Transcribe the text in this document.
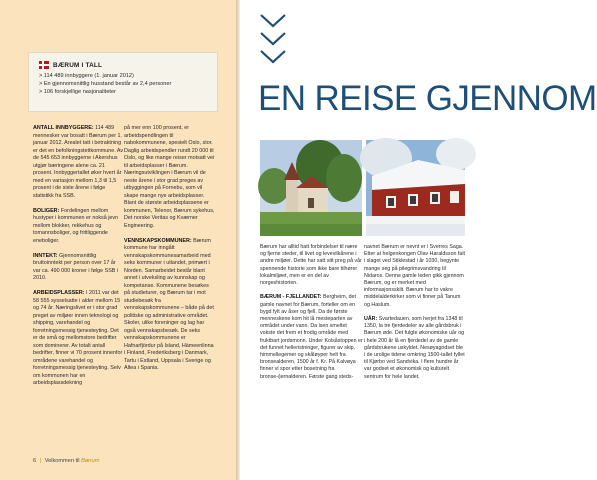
BÆRUM I TALL
> 114 489 innbyggere (1. januar 2012)
> En gjennomsnittlig husstand består av 2,4 personer
> 106 forskjellige nasjonaliteter

ANTALL INNBYGGERE: 114 489 mennesker var bosatt i Bærum per 1. januar 2012. Arealet tatt i betraktning er det en befolkningstettkommune. Av de 545 653 innbyggerne i Akershus utgjør bæringene alene ca. 21 prosent. Innbyggertallet øker hvert år med en variasjon mellom 1,3 til 1,5 prosent i de siste årene i følge statistikk fra SSB.

BOLIGER: Fordelingen mellom hustyper i kommunen er nokså jevn mellom blokker, rekkehus og tomannsboliger, og frittliggende eneboliger.

INNTEKT: Gjennomsnittlig bruttoinntekt per person over 17 år var ca. 490 000 kroner i følge SSB i 2010.

ARBEIDSPLASSER: I 2011 var det 58 555 sysselsatte i alder mellom 15 og 74 år. Næringslivet er i stor grad preget av miljøer innen teknologi og shipping, varehandel og forretningsmessig tjenesteyting. Det er de små og mellomstore bedrifter som dominerer. Av totalt antall bedrifter, finner vi 70 prosent innenfor områdene varehandel og forretningsmessig tjenesteyting. Selv om kommunen har en arbeidsplassdekning

på mer enn 100 prosent, er arbeidspendlingen til nabokommunene, spesielt Oslo, stor. Daglig arbeidspendler rundt 20 000 til Oslo, og like mange reiser motsatt vei til arbeidsplasser i Bærum. Næringsutviklingen i Bærum vil de neste årene i stor grad preges av utbyggingen på Fornebu, som vil skape mange nye arbeidsplasser. Blant de største arbeidsplassene er kommunen, Telenor, Bærum sykehus, Det norske Veritas og Kværner Engineering.

VENNSKAPSKOMMUNER: Bærum kommune har inngått vennskapskommunesamarbeid med seks kommuner i utlandet, primært i Norden. Samarbeidet består blant annet i utveksling av kunnskap og kompetanse. Kommunene besøkes på studieturer, og Bærum tar i mot studiebesøk fra vennskapskommunene – både på det politiske og administrative området. Skoler, ulike foreninger og lag har også vennskapsbesøk. De seks vennskapskommunene er Hafnarfjördur på Island, Hämeenlinna i Finland, Frederiksberg i Danmark, Tartu i Estland, Uppsala i Sverige og Altea i Spania.

6 | Velkommen til Bærum
EN REISE GJENNOM

Bærum har alltid hatt forbindelser til nære og fjerne steder, til livet og levevilkårene i andre miljøer. Dette har satt sitt preg på vår spennende historie som ikke bare tilhører lokalmiljøet, men er en del av norgeshistorien.

BÆRUM - FJELLANDET: Bergheim, det gamle navnet for Bærum, forteller om en bygd fylt av åser og fjell. Da de første menneskene kom hit lå mesteparten av området under vann. Da isen smeltet vokste det frem et frodig område med fruktbart jordsmonn. Under Kolsåstoppen er det funnet helleristninger, figurer av skip, himmellegemer og skåløyper helt fra bronsealderen, 1500 år f. Kr. På Kalvøya finner vi spor etter bosetning fra bronse-/jernalderen. Første gang steds-

navnet Bærum er nevnt er i Sverres Saga. Etter at helgenkongen Olav Haraldsson falt i slaget ved Stiklestad i år 1030, begynte mange seg på pilegrimsvandring til Nidaros. Denne gamle leden gikk gjennom Bærum, og er merket med informasjonsskilt. Bærum har to vakre middelalderkirker som vi finner på Tanum og Haslum.

UÅR: Svartedauen, som herjet fra 1348 til 1350, la tre fjerdedeler av alle gårdsbruk i Bærum øde. Det fulgte økonomiske uår og i hele 200 år lå en fjerdedel av de gamle gårdsbrukene uskyldet. Nesøyagodset ble i de urolige tidene omkring 1500-tallet fyllet til Kjørbo ved Sandvika. I flere hundre år var godset et økonomisk og kulturelt sentrum for hele landet.
